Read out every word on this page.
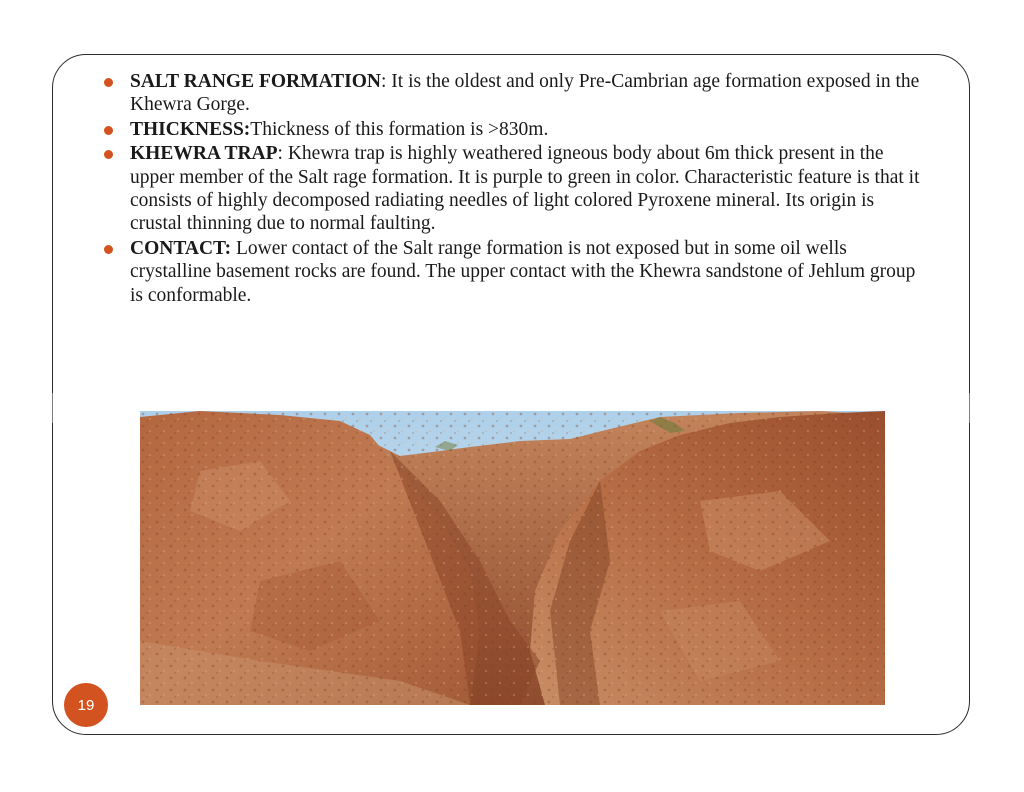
SALT RANGE FORMATION: It is the oldest and only Pre-Cambrian age formation exposed in the Khewra Gorge.
THICKNESS:Thickness of this formation is >830m.
KHEWRA TRAP: Khewra trap is highly weathered igneous body about 6m thick present in the upper member of the Salt rage formation. It is purple to green in color. Characteristic feature is that it consists of highly decomposed radiating needles of light colored Pyroxene mineral. Its origin is crustal thinning due to normal faulting.
CONTACT: Lower contact of the Salt range formation is not exposed but in some oil wells crystalline basement rocks are found. The upper contact with the Khewra sandstone of Jehlum group is conformable.
19
